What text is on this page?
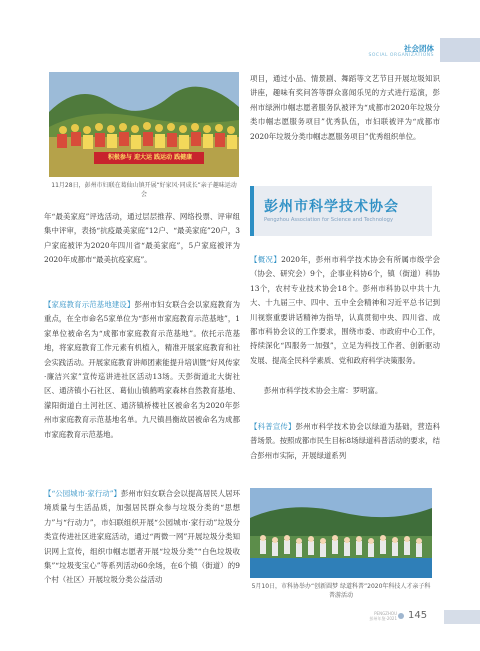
社会团体
SOCIAL ORGANIZATIONS
积极参与 迎大运 践运动 践健康
11月28日，彭州市妇联在葛仙山镇开展“好家风·同成长”亲子趣味运动会
年“最美家庭”评选活动，通过层层推荐、网络投票、评审组集中评审，表扬“抗疫最美家庭”12户、“最美家庭”20户，3户家庭被评为2020年四川省“最美家庭”，5户家庭被评为2020年成都市“最美抗疫家庭”。
【家庭教育示范基地建设】彭州市妇女联合会以家庭教育为重点，在全市命名5家单位为“彭州市家庭教育示范基地”，1家单位被命名为“成都市家庭教育示范基地”。依托示范基地，将家庭教育工作元素有机植入，精准开展家庭教育和社会实践活动。开展家庭教育讲师团素能提升培训暨“好风传家·廉洁兴家”宣传巡讲进社区活动13场。天彭街道北大街社区、通济镇小石社区、葛仙山镇鹤鸣家森林自然教育基地、濛阳街道白土河社区、通济镇桥楼社区被命名为2020年彭州市家庭教育示范基地名单。九尺镇昌衡故居被命名为成都市家庭教育示范基地。
【“公园城市·家行动”】彭州市妇女联合会以提高居民人居环境质量与生活品质，加强居民群众参与垃圾分类的“思想力”与“行动力”，市妇联组织开展“公园城市·家行动”垃圾分类宣传进社区进家庭活动，通过“两微一网”开展垃圾分类知识网上宣传，组织巾帼志愿者开展“垃圾分类”“白色垃圾收集”“垃圾变宝心”等系列活动60余场，在6个镇（街道）的9个村（社区）开展垃圾分类公益活动
项目，通过小品、情景剧、舞蹈等文艺节目开展垃圾知识讲座，趣味有奖问答等群众喜闻乐见的方式进行巡演，彭州市绿洲巾帼志愿者服务队被评为“成都市2020年垃圾分类巾帼志愿服务项目”优秀队伍，市妇联被评为“成都市2020年垃圾分类巾帼志愿服务项目”优秀组织单位。
彭州市科学技术协会
Pengzhou Association for Science and Technology
【概况】2020年，彭州市科学技术协会有所属市级学会（协会、研究会）9个，企事业科协6个，镇（街道）科协13个，农村专业技术协会18个。彭州市科协以中共十九大、十九届三中、四中、五中全会精神和习近平总书记到川视察重要讲话精神为指导，认真贯彻中央、四川省、成都市科协会议的工作要求，围绕市委、市政府中心工作，持续深化“四服务一加强”，立足为科技工作者、创新驱动发展、提高全民科学素质、党和政府科学决策服务。
彭州市科学技术协会主席：罗明富。
【科普宣传】彭州市科学技术协会以绿道为基础，营造科普场景。按照成都市民生目标8场绿道科普活动的要求，结合彭州市实际，开展绿道系列
5月10日，市科协举办“创新圆梦 绿道科普”2020年科技人才亲子科普游活动
PENGZHOU
彭州年鉴·2021 145
